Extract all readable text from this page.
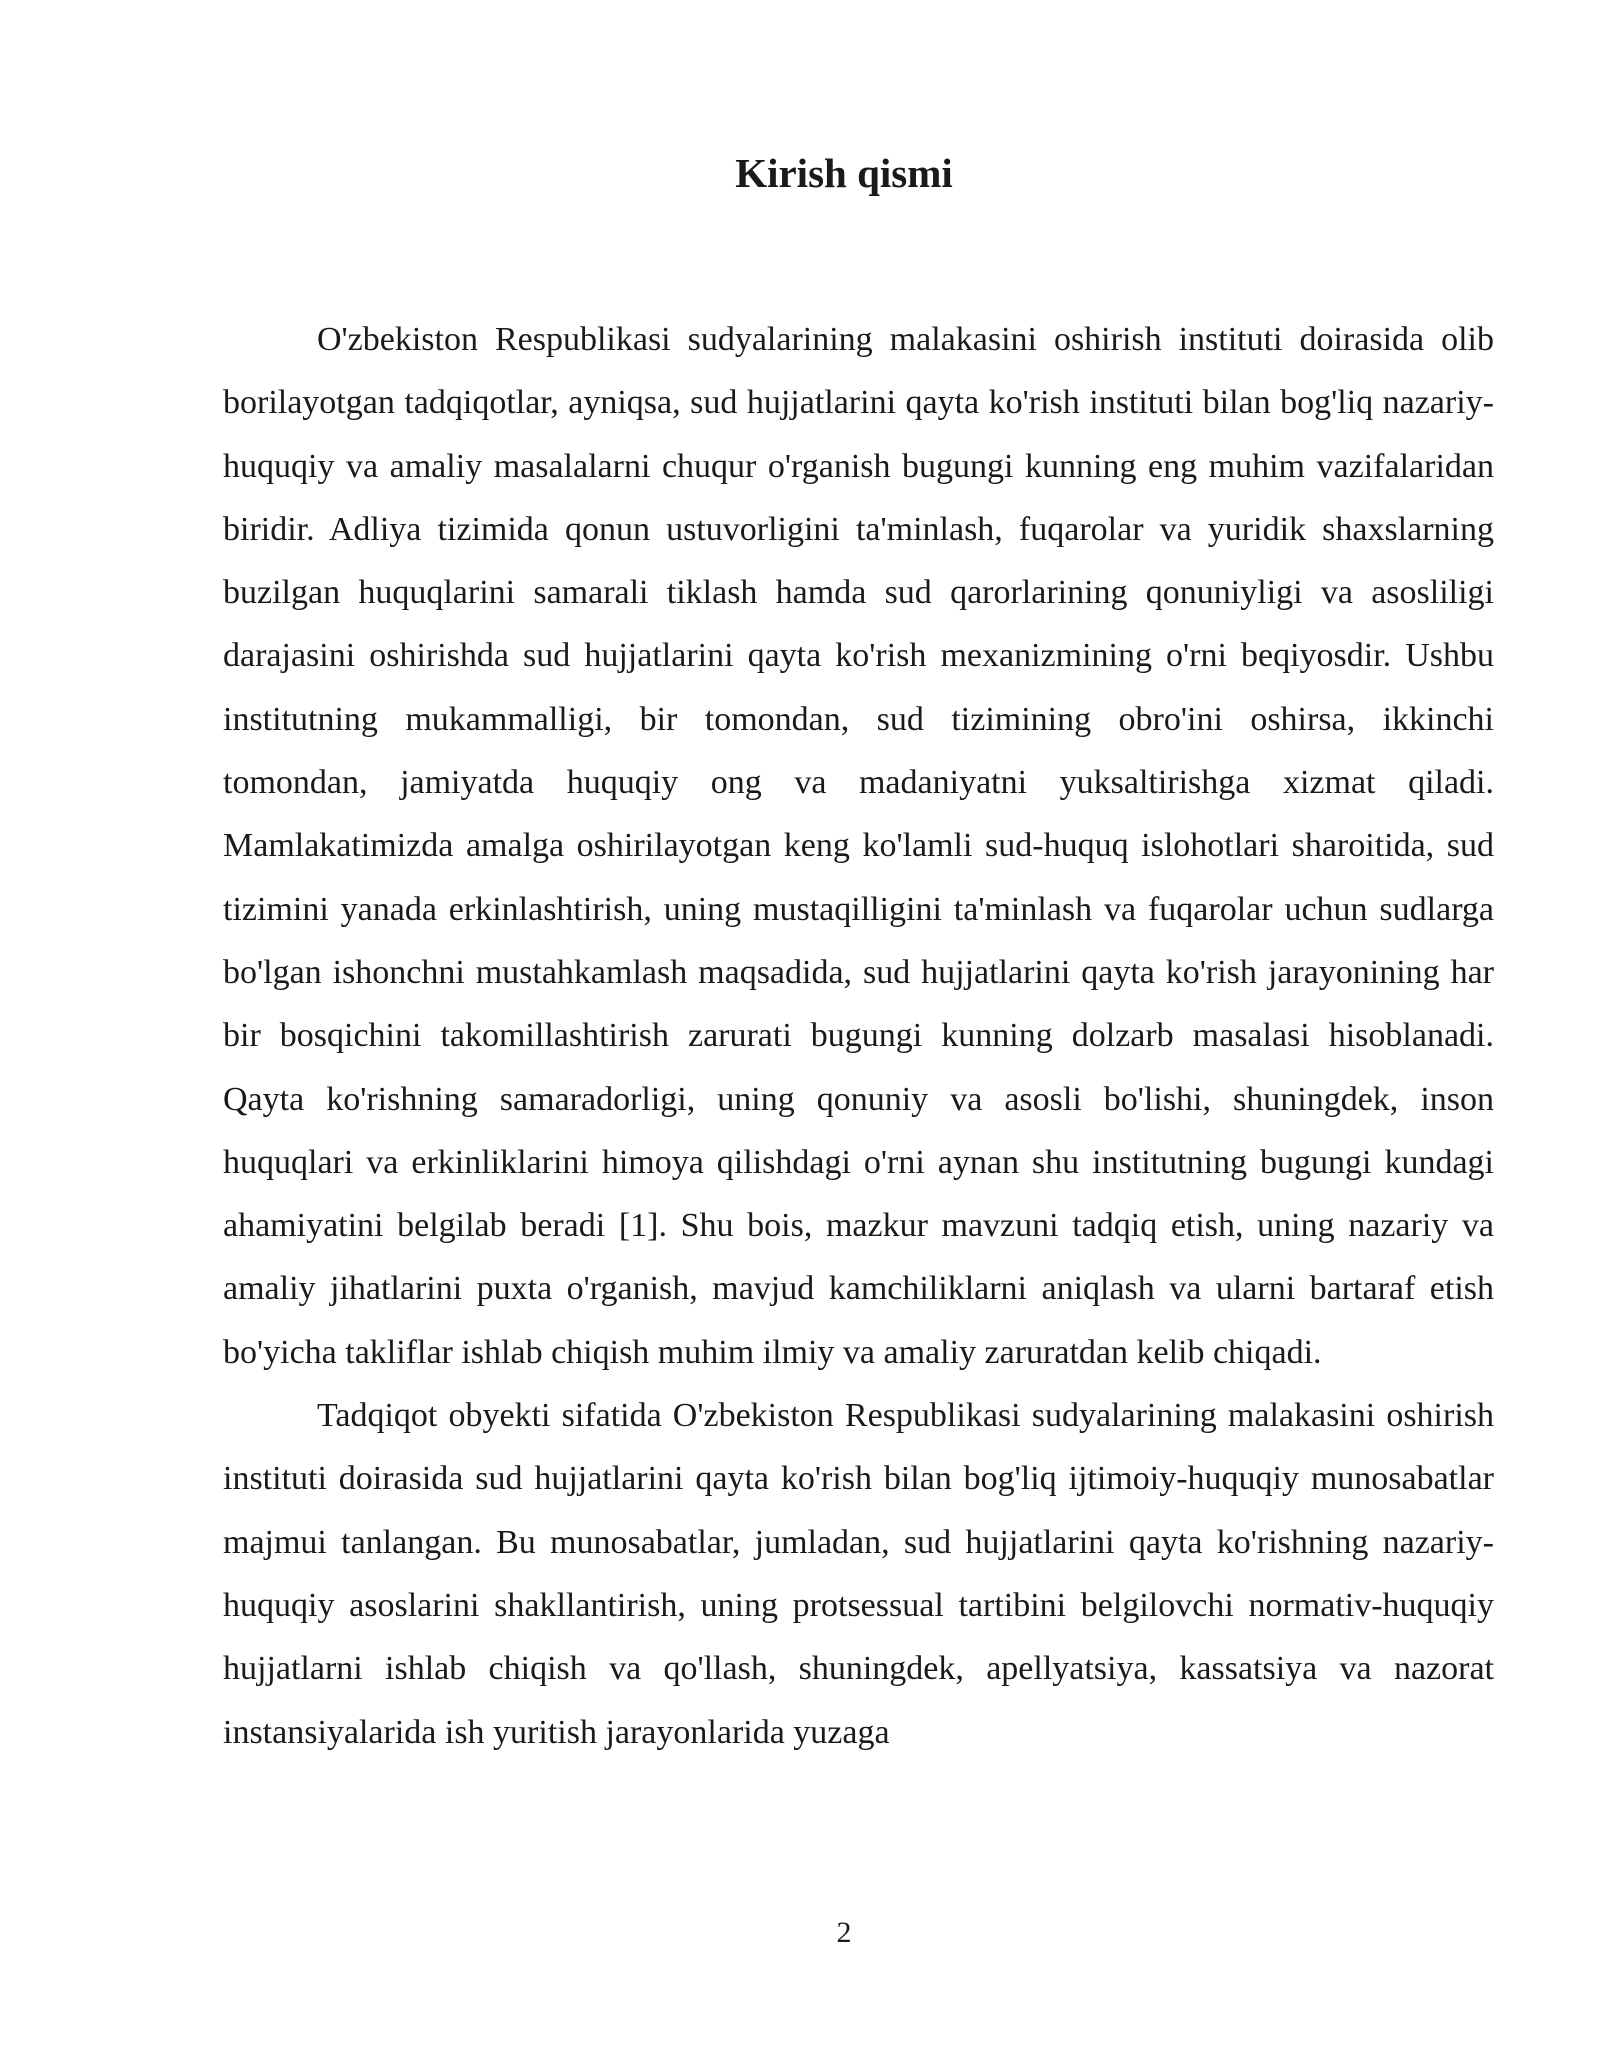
Kirish qismi

O'zbekiston Respublikasi sudyalarining malakasini oshirish instituti doirasida olib borilayotgan tadqiqotlar, ayniqsa, sud hujjatlarini qayta ko'rish instituti bilan bog'liq nazariy-huquqiy va amaliy masalalarni chuqur o'rganish bugungi kunning eng muhim vazifalaridan biridir. Adliya tizimida qonun ustuvorligini ta'minlash, fuqarolar va yuridik shaxslarning buzilgan huquqlarini samarali tiklash hamda sud qarorlarining qonuniyligi va asosliligi darajasini oshirishda sud hujjatlarini qayta ko'rish mexanizmining o'rni beqiyosdir. Ushbu institutning mukammalligi, bir tomondan, sud tizimining obro'ini oshirsa, ikkinchi tomondan, jamiyatda huquqiy ong va madaniyatni yuksaltirishga xizmat qiladi. Mamlakatimizda amalga oshirilayotgan keng ko'lamli sud-huquq islohotlari sharoitida, sud tizimini yanada erkinlashtirish, uning mustaqilligini ta'minlash va fuqarolar uchun sudlarga bo'lgan ishonchni mustahkamlash maqsadida, sud hujjatlarini qayta ko'rish jarayonining har bir bosqichini takomillashtirish zarurati bugungi kunning dolzarb masalasi hisoblanadi. Qayta ko'rishning samaradorligi, uning qonuniy va asosli bo'lishi, shuningdek, inson huquqlari va erkinliklarini himoya qilishdagi o'rni aynan shu institutning bugungi kundagi ahamiyatini belgilab beradi [1]. Shu bois, mazkur mavzuni tadqiq etish, uning nazariy va amaliy jihatlarini puxta o'rganish, mavjud kamchiliklarni aniqlash va ularni bartaraf etish bo'yicha takliflar ishlab chiqish muhim ilmiy va amaliy zaruratdan kelib chiqadi.

Tadqiqot obyekti sifatida O'zbekiston Respublikasi sudyalarining malakasini oshirish instituti doirasida sud hujjatlarini qayta ko'rish bilan bog'liq ijtimoiy-huquqiy munosabatlar majmui tanlangan. Bu munosabatlar, jumladan, sud hujjatlarini qayta ko'rishning nazariy-huquqiy asoslarini shakllantirish, uning protsessual tartibini belgilovchi normativ-huquqiy hujjatlarni ishlab chiqish va qo'llash, shuningdek, apellyatsiya, kassatsiya va nazorat instansiyalarida ish yuritish jarayonlarida yuzaga

2
